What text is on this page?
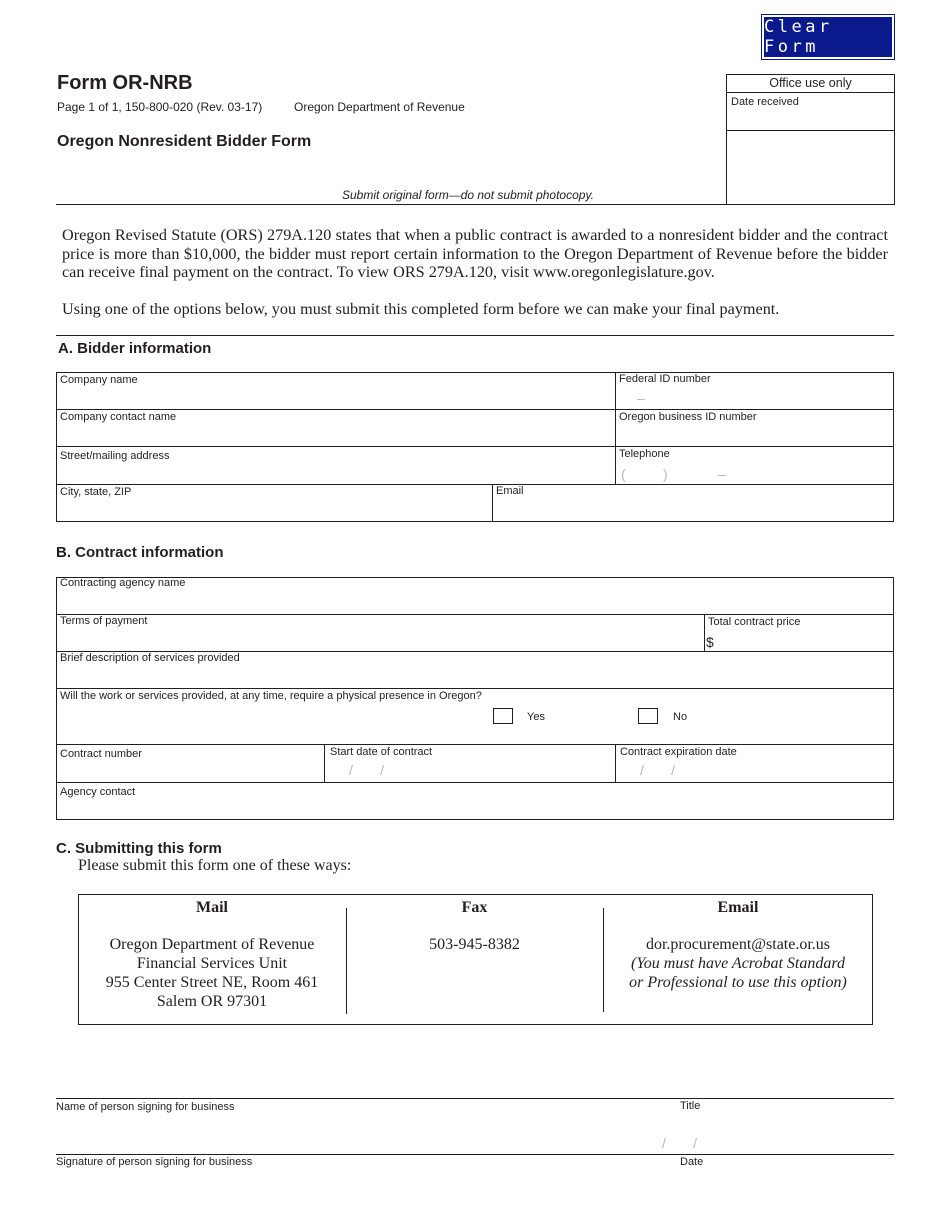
Clear Form
Form OR-NRB
Page 1 of 1, 150-800-020 (Rev. 03-17)	Oregon Department of Revenue
Oregon Nonresident Bidder Form
Submit original form—do not submit photocopy.
Office use only
Date received
Oregon Revised Statute (ORS) 279A.120 states that when a public contract is awarded to a nonresident bidder and the contract price is more than $10,000, the bidder must report certain information to the Oregon Department of Revenue before the bidder can receive final payment on the contract. To view ORS 279A.120, visit www.oregonlegislature.gov.
Using one of the options below, you must submit this completed form before we can make your final payment.
A. Bidder information
Company name	Federal ID number
–
Company contact name	Oregon business ID number
Street/mailing address	Telephone
(	)	–
City, state, ZIP	Email
B. Contract information
Contracting agency name
Terms of payment	Total contract price
$
Brief description of services provided
Will the work or services provided, at any time, require a physical presence in Oregon?
Yes	No
Contract number	Start date of contract
/       /
Contract expiration date
/       /
Agency contact
C. Submitting this form
Please submit this form one of these ways:
Mail
Oregon Department of Revenue
Financial Services Unit
955 Center Street NE, Room 461
Salem OR 97301
Fax
503-945-8382
Email
dor.procurement@state.or.us
(You must have Acrobat Standard
or Professional to use this option)
Name of person signing for business	Title
/       /
Signature of person signing for business	Date
